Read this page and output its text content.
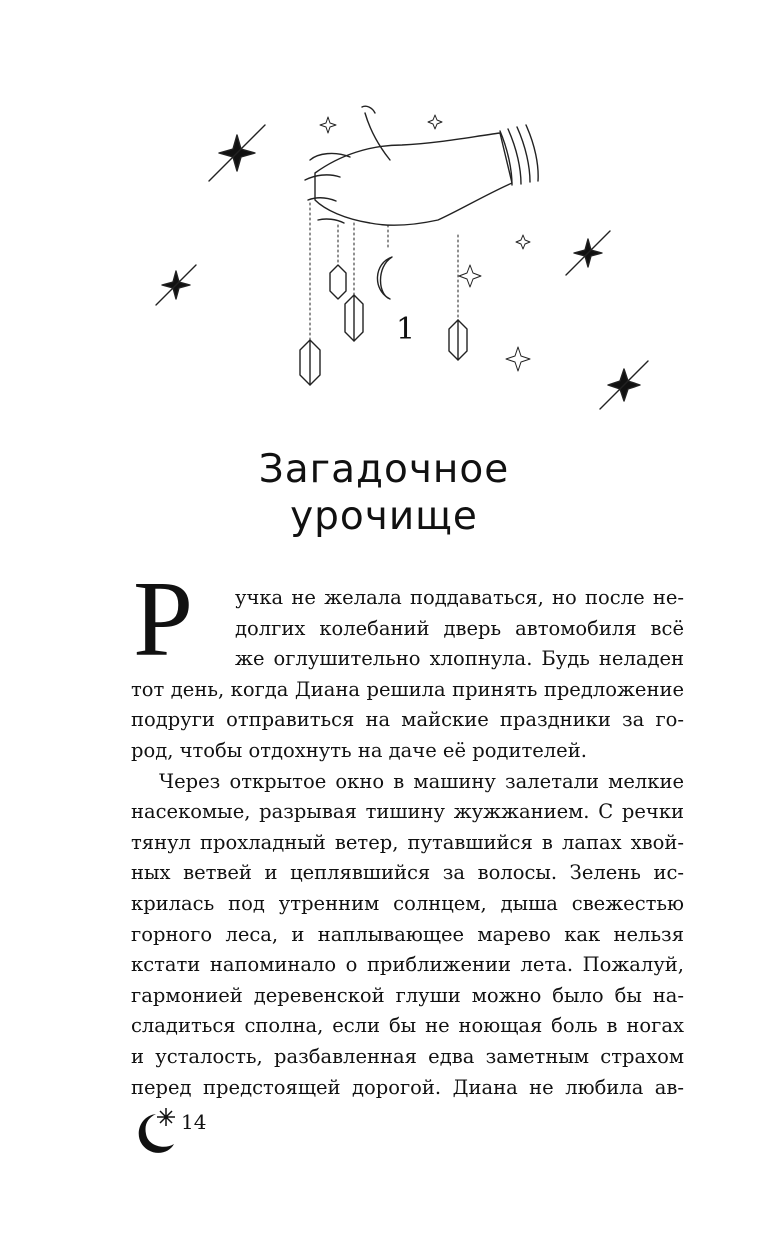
1
Загадочное
урочище
Р	учка не желала поддаваться, но после не-
долгих колебаний дверь автомобиля всё
же оглушительно хлопнула. Будь неладен
тот день, когда Диана решила принять предложение
подруги отправиться на майские праздники за го-
род, чтобы отдохнуть на даче её родителей.

Через открытое окно в машину залетали мелкие
насекомые, разрывая тишину жужжанием. С речки
тянул прохладный ветер, путавшийся в лапах хвой-
ных ветвей и цеплявшийся за волосы. Зелень ис-
крилась под утренним солнцем, дыша свежестью
горного леса, и наплывающее марево как нельзя
кстати напоминало о приближении лета. Пожалуй,
гармонией деревенской глуши можно было бы на-
сладиться сполна, если бы не ноющая боль в ногах
и усталость, разбавленная едва заметным страхом
перед предстоящей дорогой. Диана не любила ав-

14
